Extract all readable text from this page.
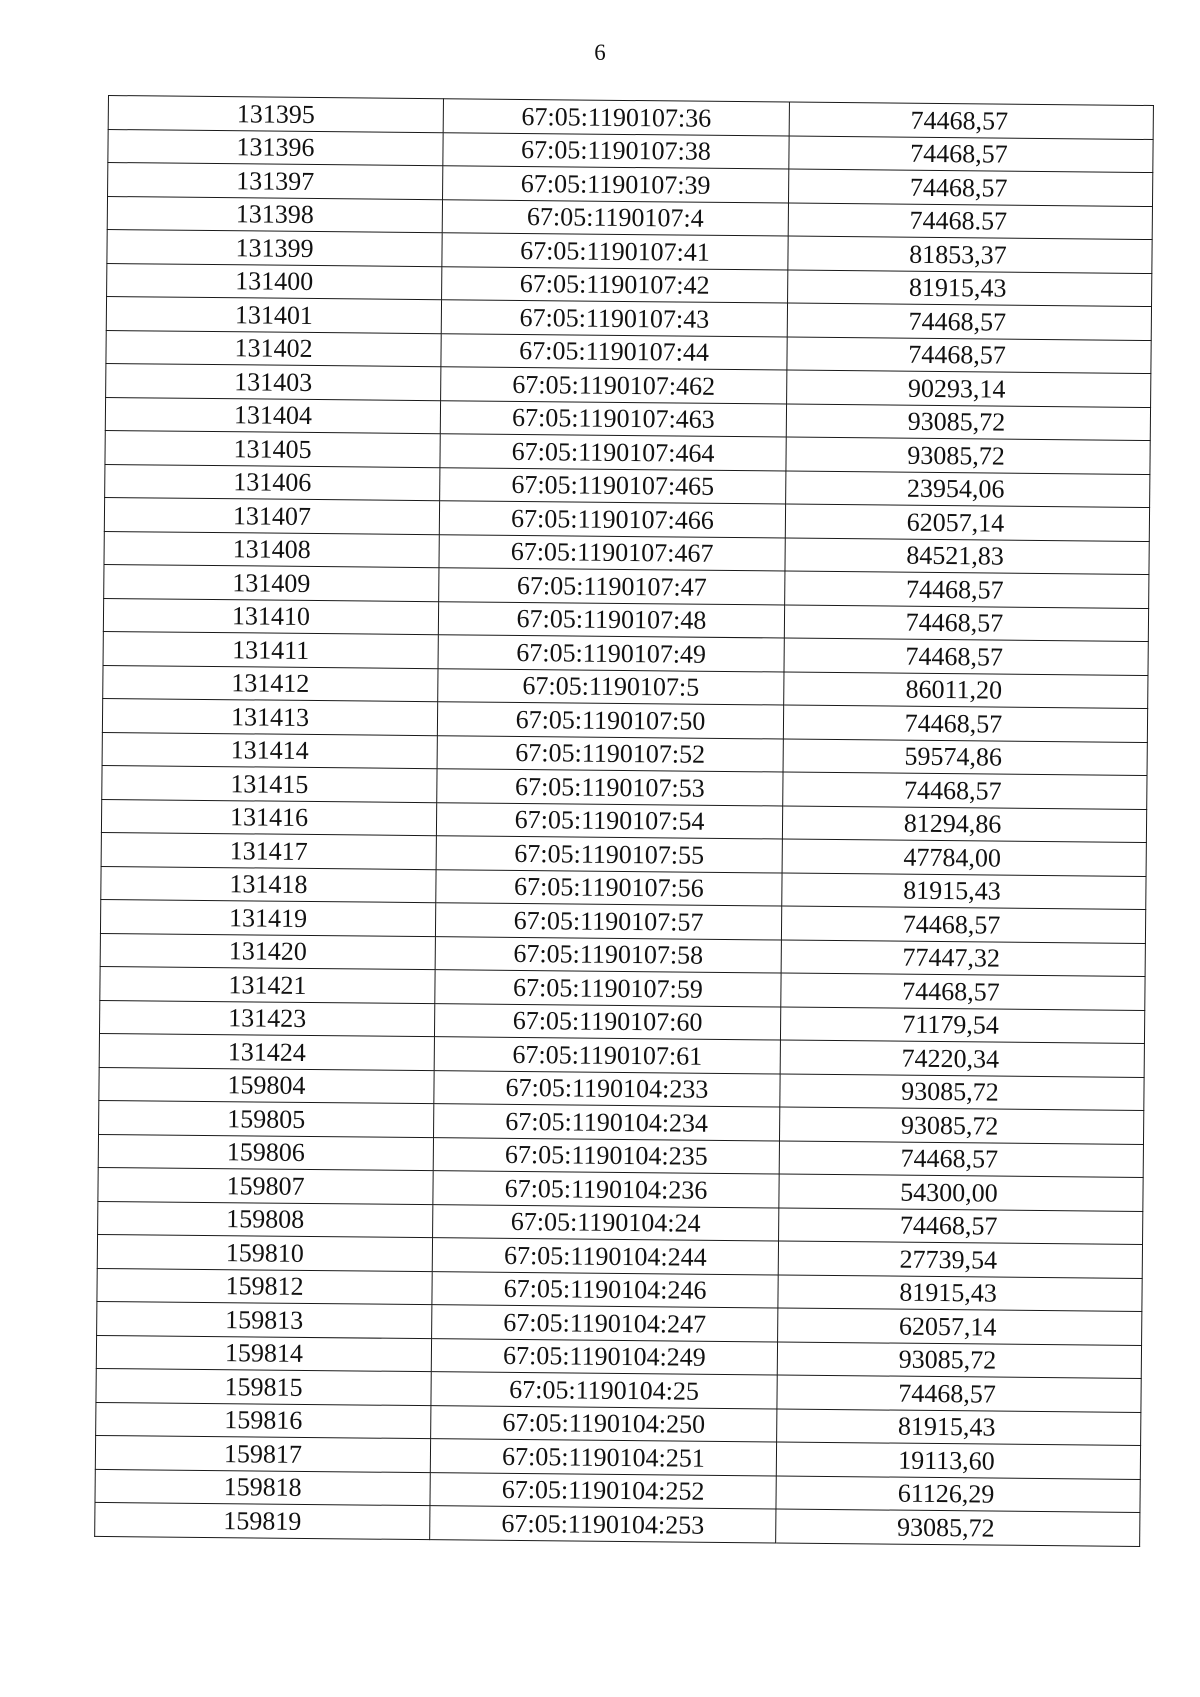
6
131395	67:05:1190107:36	74468,57
131396	67:05:1190107:38	74468,57
131397	67:05:1190107:39	74468,57
131398	67:05:1190107:4	74468.57
131399	67:05:1190107:41	81853,37
131400	67:05:1190107:42	81915,43
131401	67:05:1190107:43	74468,57
131402	67:05:1190107:44	74468,57
131403	67:05:1190107:462	90293,14
131404	67:05:1190107:463	93085,72
131405	67:05:1190107:464	93085,72
131406	67:05:1190107:465	23954,06
131407	67:05:1190107:466	62057,14
131408	67:05:1190107:467	84521,83
131409	67:05:1190107:47	74468,57
131410	67:05:1190107:48	74468,57
131411	67:05:1190107:49	74468,57
131412	67:05:1190107:5	86011,20
131413	67:05:1190107:50	74468,57
131414	67:05:1190107:52	59574,86
131415	67:05:1190107:53	74468,57
131416	67:05:1190107:54	81294,86
131417	67:05:1190107:55	47784,00
131418	67:05:1190107:56	81915,43
131419	67:05:1190107:57	74468,57
131420	67:05:1190107:58	77447,32
131421	67:05:1190107:59	74468,57
131423	67:05:1190107:60	71179,54
131424	67:05:1190107:61	74220,34
159804	67:05:1190104:233	93085,72
159805	67:05:1190104:234	93085,72
159806	67:05:1190104:235	74468,57
159807	67:05:1190104:236	54300,00
159808	67:05:1190104:24	74468,57
159810	67:05:1190104:244	27739,54
159812	67:05:1190104:246	81915,43
159813	67:05:1190104:247	62057,14
159814	67:05:1190104:249	93085,72
159815	67:05:1190104:25	74468,57
159816	67:05:1190104:250	81915,43
159817	67:05:1190104:251	19113,60
159818	67:05:1190104:252	61126,29
159819	67:05:1190104:253	93085,72
